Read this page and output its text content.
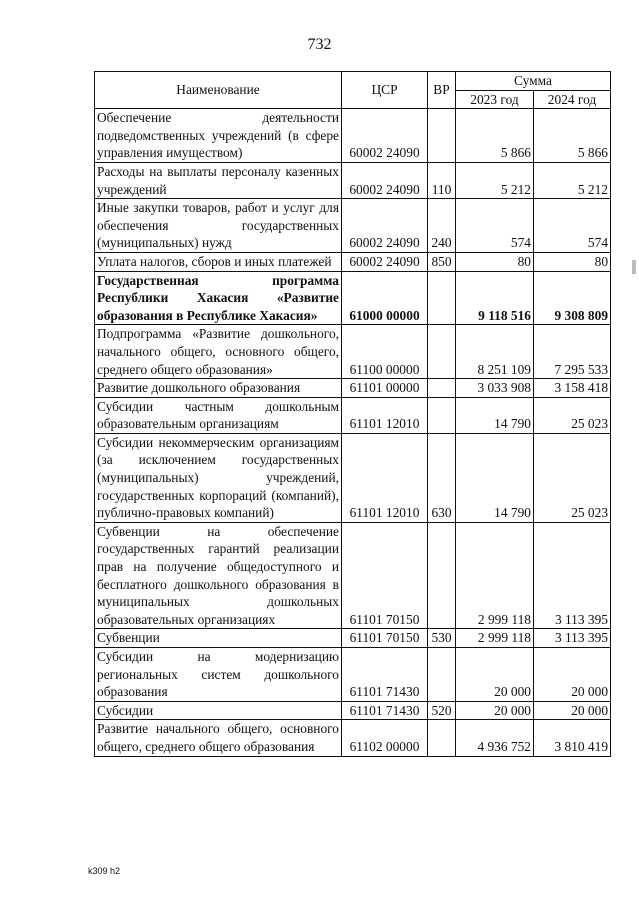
732
Наименование	ЦСР	ВР	Сумма	
			2023 год	2024 год
Обеспечение деятельности подведомственных учреждений (в сфере управления имуществом)	60002 24090		5 866	5 866
Расходы на выплаты персоналу казенных учреждений	60002 24090	110	5 212	5 212
Иные закупки товаров, работ и услуг для обеспечения государственных (муниципальных) нужд	60002 24090	240	574	574
Уплата налогов, сборов и иных платежей	60002 24090	850	80	80
Государственная программа Республики Хакасия «Развитие образования в Республике Хакасия»	61000 00000		9 118 516	9 308 809
Подпрограмма «Развитие дошкольного, начального общего, основного общего, среднего общего образования»	61100 00000		8 251 109	7 295 533
Развитие дошкольного образования	61101 00000		3 033 908	3 158 418
Субсидии частным дошкольным образовательным организациям	61101 12010		14 790	25 023
Субсидии некоммерческим организациям (за исключением государственных (муниципальных) учреждений, государственных корпораций (компаний), публично-правовых компаний)	61101 12010	630	14 790	25 023
Субвенции на обеспечение государственных гарантий реализации прав на получение общедоступного и бесплатного дошкольного образования в муниципальных дошкольных образовательных организациях	61101 70150		2 999 118	3 113 395
Субвенции	61101 70150	530	2 999 118	3 113 395
Субсидии на модернизацию региональных систем дошкольного образования	61101 71430		20 000	20 000
Субсидии	61101 71430	520	20 000	20 000
Развитие начального общего, основного общего, среднего общего образования	61102 00000		4 936 752	3 810 419
k309 h2
